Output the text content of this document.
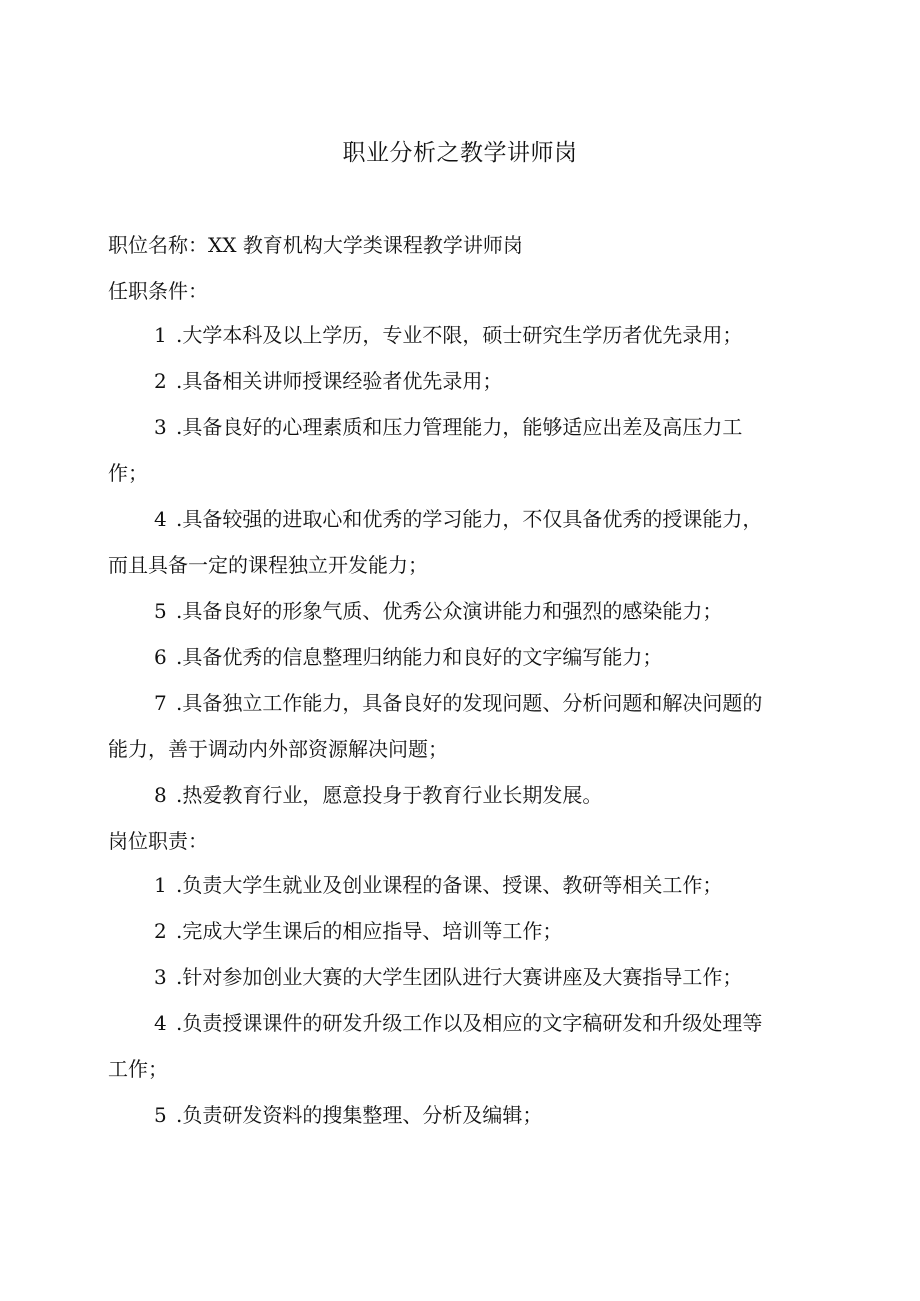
职业分析之教学讲师岗
职位名称：XX 教育机构大学类课程教学讲师岗
任职条件：
1 .大学本科及以上学历，专业不限，硕士研究生学历者优先录用；
2 .具备相关讲师授课经验者优先录用；
3 .具备良好的心理素质和压力管理能力，能够适应出差及高压力工
作；
4 .具备较强的进取心和优秀的学习能力，不仅具备优秀的授课能力，
而且具备一定的课程独立开发能力；
5 .具备良好的形象气质、优秀公众演讲能力和强烈的感染能力；
6 .具备优秀的信息整理归纳能力和良好的文字编写能力；
7 .具备独立工作能力，具备良好的发现问题、分析问题和解决问题的
能力，善于调动内外部资源解决问题；
8 .热爱教育行业，愿意投身于教育行业长期发展。
岗位职责：
1 .负责大学生就业及创业课程的备课、授课、教研等相关工作；
2 .完成大学生课后的相应指导、培训等工作；
3 .针对参加创业大赛的大学生团队进行大赛讲座及大赛指导工作；
4 .负责授课课件的研发升级工作以及相应的文字稿研发和升级处理等
工作；
5 .负责研发资料的搜集整理、分析及编辑；
